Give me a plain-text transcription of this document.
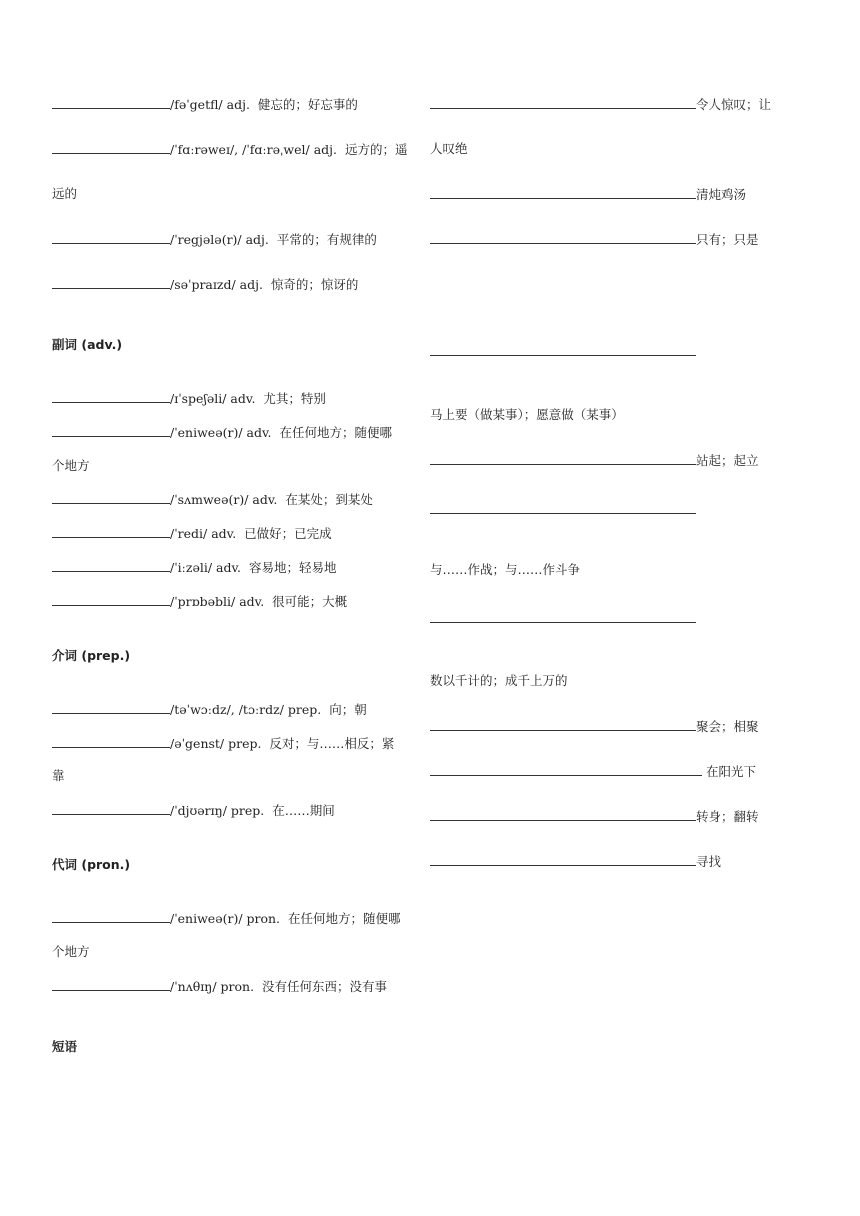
/fəˈgetfl/ adj. 健忘的；好忘事的
/ˈfɑːrəweɪ/, /ˈfɑːrəˌwel/ adj. 远方的；遥
远的
/ˈregjələ(r)/ adj. 平常的；有规律的
/səˈpraɪzd/ adj. 惊奇的；惊讶的
副词 (adv.)
/ɪˈspeʃəli/ adv. 尤其；特别
/ˈeniweə(r)/ adv. 在任何地方；随便哪
个地方
/ˈsʌmweə(r)/ adv. 在某处；到某处
/ˈredi/ adv. 已做好；已完成
/ˈiːzəli/ adv. 容易地；轻易地
/ˈprɒbəbli/ adv. 很可能；大概
介词 (prep.)
/təˈwɔːdz/, /tɔːrdz/ prep. 向；朝
/əˈgenst/ prep. 反对；与……相反；紧
靠
/ˈdjʊərɪŋ/ prep. 在……期间
代词 (pron.)
/ˈeniweə(r)/ pron. 在任何地方；随便哪
个地方
/ˈnʌθɪŋ/ pron. 没有任何东西；没有事
短语
令人惊叹；让
人叹绝
清炖鸡汤
只有；只是
马上要（做某事）；愿意做（某事）
站起；起立
与……作战；与……作斗争
数以千计的；成千上万的
聚会；相聚
在阳光下
转身；翻转
寻找
